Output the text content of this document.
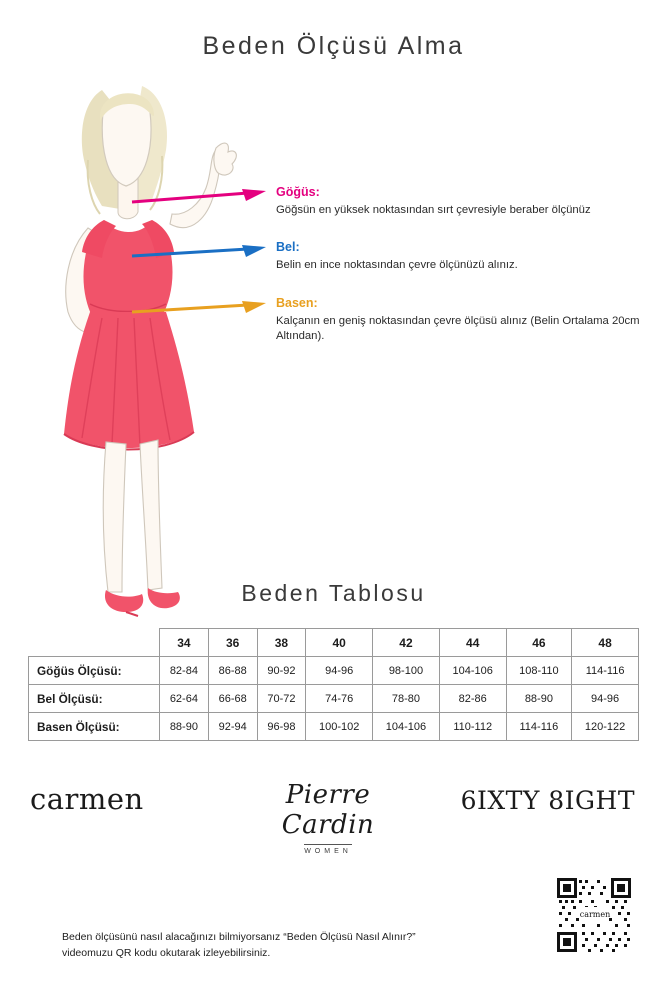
Beden Ölçüsü Alma
Göğüs:
Göğsün en yüksek noktasından sırt çevresiyle beraber ölçünüz
Bel:
Belin en ince noktasından çevre ölçünüzü alınız.
Basen:
Kalçanın en geniş noktasından çevre ölçüsü alınız (Belin Ortalama 20cm Altından).
Beden Tablosu
	34	36	38	40	42	44	46	48
Göğüs Ölçüsü:	82-84	86-88	90-92	94-96	98-100	104-106	108-110	114-116
Bel Ölçüsü:	62-64	66-68	70-72	74-76	78-80	82-86	88-90	94-96
Basen Ölçüsü:	88-90	92-94	96-98	100-102	104-106	110-112	114-116	120-122
carmen	Pierre Cardin
WOMEN
6IXTY 8IGHT
carmen
Beden ölçüsünü nasıl alacağınızı bilmiyorsanız “Beden Ölçüsü Nasıl Alınır?”
videomuzu QR kodu okutarak izleyebilirsiniz.
